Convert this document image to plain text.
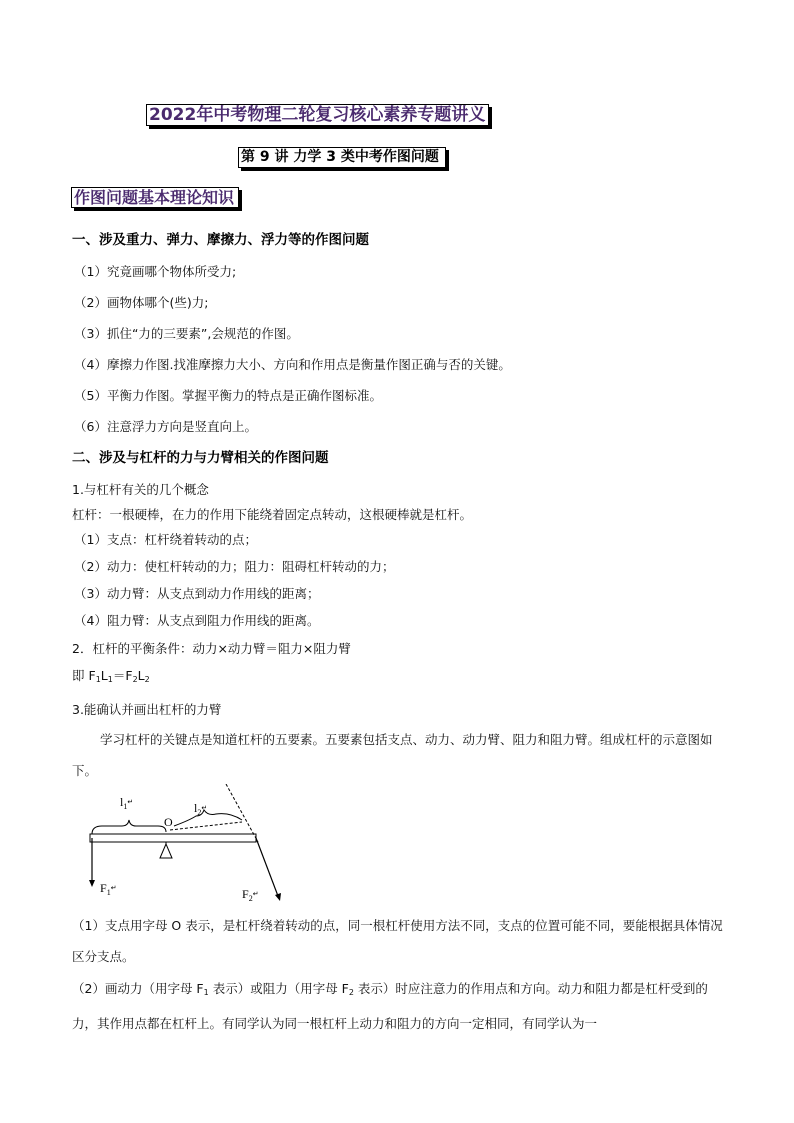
2022年中考物理二轮复习核心素养专题讲义
第 9 讲 力学 3 类中考作图问题
作图问题基本理论知识
一、涉及重力、弹力、摩擦力、浮力等的作图问题
（1）究竟画哪个物体所受力;
（2）画物体哪个(些)力;
（3）抓住“力的三要素”,会规范的作图。
（4）摩擦力作图.找准摩擦力大小、方向和作用点是衡量作图正确与否的关键。
（5）平衡力作图。掌握平衡力的特点是正确作图标准。
（6）注意浮力方向是竖直向上。
二、涉及与杠杆的力与力臂相关的作图问题
1.与杠杆有关的几个概念
杠杆：一根硬棒，在力的作用下能绕着固定点转动，这根硬棒就是杠杆。
（1）支点：杠杆绕着转动的点；
（2）动力：使杠杆转动的力；阻力：阻碍杠杆转动的力；
（3）动力臂：从支点到动力作用线的距离；
（4）阻力臂：从支点到阻力作用线的距离。
2．杠杆的平衡条件：动力×动力臂＝阻力×阻力臂
即 $F_1L_1=F_2L_2$
3.能确认并画出杠杆的力臂
学习杠杆的关键点是知道杠杆的五要素。五要素包括支点、动力、动力臂、阻力和阻力臂。组成杠杆的示意图如下。
$l_1^↵$	$l_2^↵$
O
$F_1^↵$	$F_2^↵$
（1）支点用字母 O 表示，是杠杆绕着转动的点，同一根杠杆使用方法不同，支点的位置可能不同，要能根据具体情况区分支点。
（2）画动力（用字母 $F_1$ 表示）或阻力（用字母 $F_2$ 表示）时应注意力的作用点和方向。动力和阻力都是杠杆受到的力，其作用点都在杠杆上。有同学认为同一根杠杆上动力和阻力的方向一定相同，有同学认为一
